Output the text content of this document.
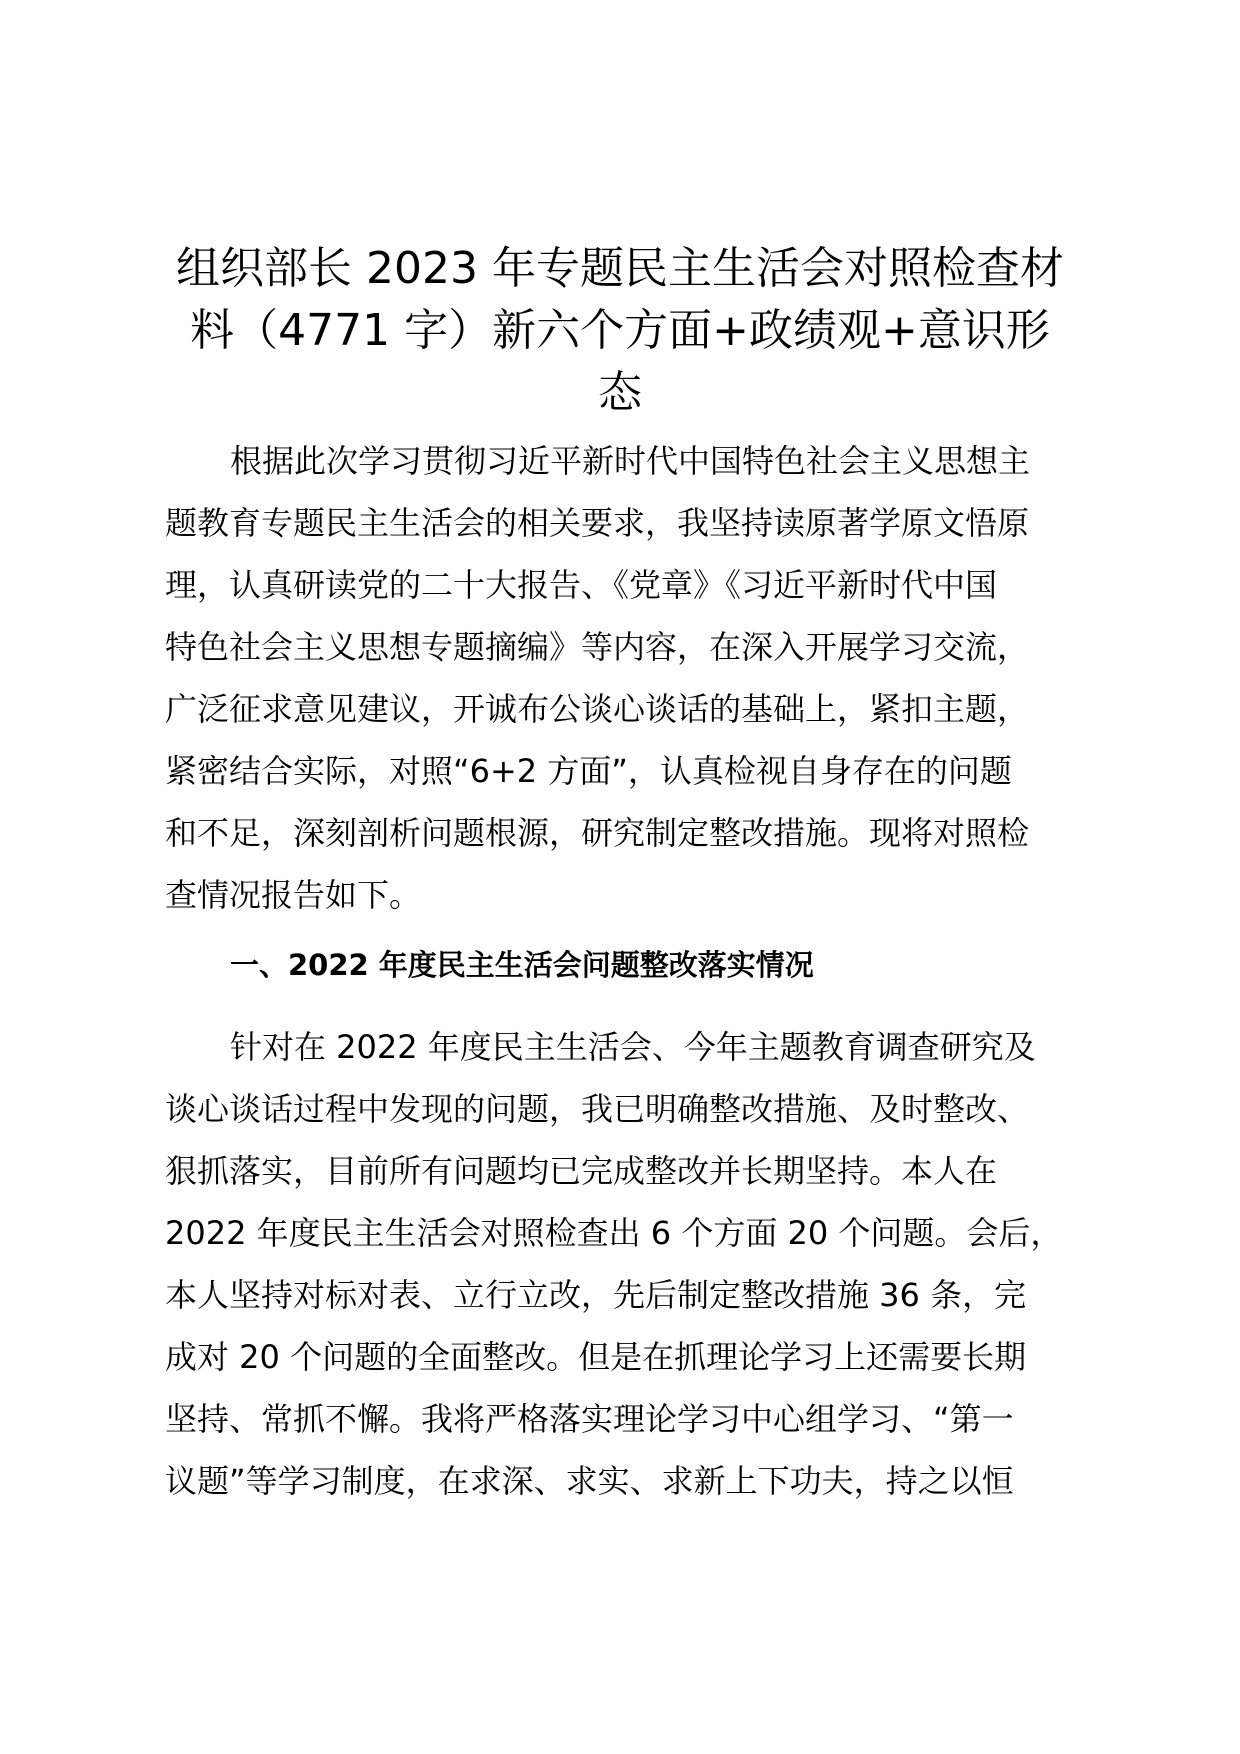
组织部长 2023 年专题民主生活会对照检查材
料（4771 字）新六个方面+政绩观+意识形
态

根据此次学习贯彻习近平新时代中国特色社会主义思想主
题教育专题民主生活会的相关要求，我坚持读原著学原文悟原
理，认真研读党的二十大报告、《党章》《习近平新时代中国
特色社会主义思想专题摘编》等内容，在深入开展学习交流，
广泛征求意见建议，开诚布公谈心谈话的基础上，紧扣主题，
紧密结合实际，对照“6+2 方面”，认真检视自身存在的问题
和不足，深刻剖析问题根源，研究制定整改措施。现将对照检
查情况报告如下。

一、2022 年度民主生活会问题整改落实情况

针对在 2022 年度民主生活会、今年主题教育调查研究及
谈心谈话过程中发现的问题，我已明确整改措施、及时整改、
狠抓落实，目前所有问题均已完成整改并长期坚持。本人在
2022 年度民主生活会对照检查出 6 个方面 20 个问题。会后，
本人坚持对标对表、立行立改，先后制定整改措施 36 条，完
成对 20 个问题的全面整改。但是在抓理论学习上还需要长期
坚持、常抓不懈。我将严格落实理论学习中心组学习、“第一
议题”等学习制度，在求深、求实、求新上下功夫，持之以恒
